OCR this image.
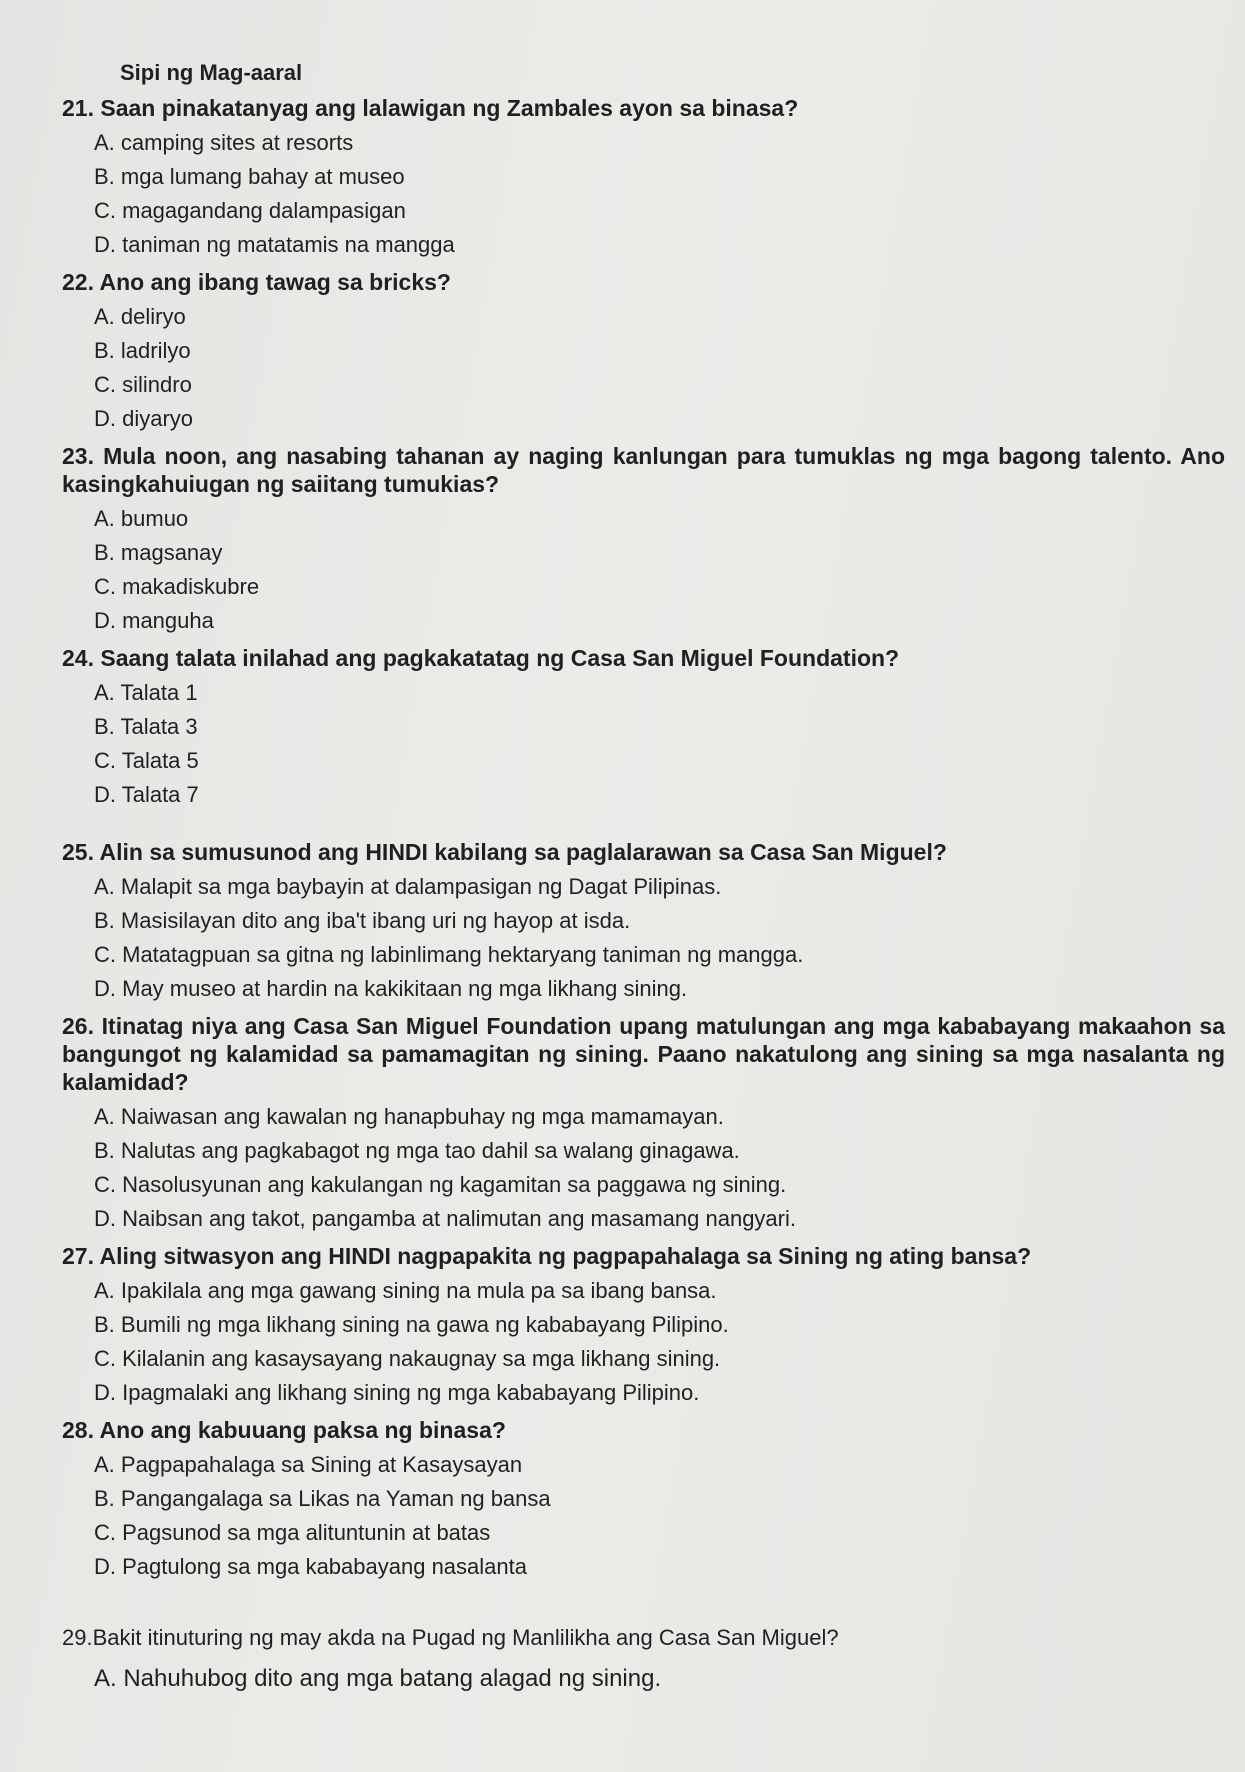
Sipi ng Mag-aaral
21. Saan pinakatanyag ang lalawigan ng Zambales ayon sa binasa?
A. camping sites at resorts
B. mga lumang bahay at museo
C. magagandang dalampasigan
D. taniman ng matatamis na mangga
22. Ano ang ibang tawag sa bricks?
A. deliryo
B. ladrilyo
C. silindro
D. diyaryo
23. Mula noon, ang nasabing tahanan ay naging kanlungan para tumuklas ng mga bagong talento. Ano kasingkahuiugan ng saiitang tumukias?
A. bumuo
B. magsanay
C. makadiskubre
D. manguha
24. Saang talata inilahad ang pagkakatatag ng Casa San Miguel Foundation?
A. Talata 1
B. Talata 3
C. Talata 5
D. Talata 7
25. Alin sa sumusunod ang HINDI kabilang sa paglalarawan sa Casa San Miguel?
A. Malapit sa mga baybayin at dalampasigan ng Dagat Pilipinas.
B. Masisilayan dito ang iba't ibang uri ng hayop at isda.
C. Matatagpuan sa gitna ng labinlimang hektaryang taniman ng mangga.
D. May museo at hardin na kakikitaan ng mga likhang sining.
26. Itinatag niya ang Casa San Miguel Foundation upang matulungan ang mga kababayang makaahon sa bangungot ng kalamidad sa pamamagitan ng sining. Paano nakatulong ang sining sa mga nasalanta ng kalamidad?
A. Naiwasan ang kawalan ng hanapbuhay ng mga mamamayan.
B. Nalutas ang pagkabagot ng mga tao dahil sa walang ginagawa.
C. Nasolusyunan ang kakulangan ng kagamitan sa paggawa ng sining.
D. Naibsan ang takot, pangamba at nalimutan ang masamang nangyari.
27. Aling sitwasyon ang HINDI nagpapakita ng pagpapahalaga sa Sining ng ating bansa?
A. Ipakilala ang mga gawang sining na mula pa sa ibang bansa.
B. Bumili ng mga likhang sining na gawa ng kababayang Pilipino.
C. Kilalanin ang kasaysayang nakaugnay sa mga likhang sining.
D. Ipagmalaki ang likhang sining ng mga kababayang Pilipino.
28. Ano ang kabuuang paksa ng binasa?
A. Pagpapahalaga sa Sining at Kasaysayan
B. Pangangalaga sa Likas na Yaman ng bansa
C. Pagsunod sa mga alituntunin at batas
D. Pagtulong sa mga kababayang nasalanta
29.Bakit itinuturing ng may akda na Pugad ng Manlilikha ang Casa San Miguel?
A. Nahuhubog dito ang mga batang alagad ng sining.
